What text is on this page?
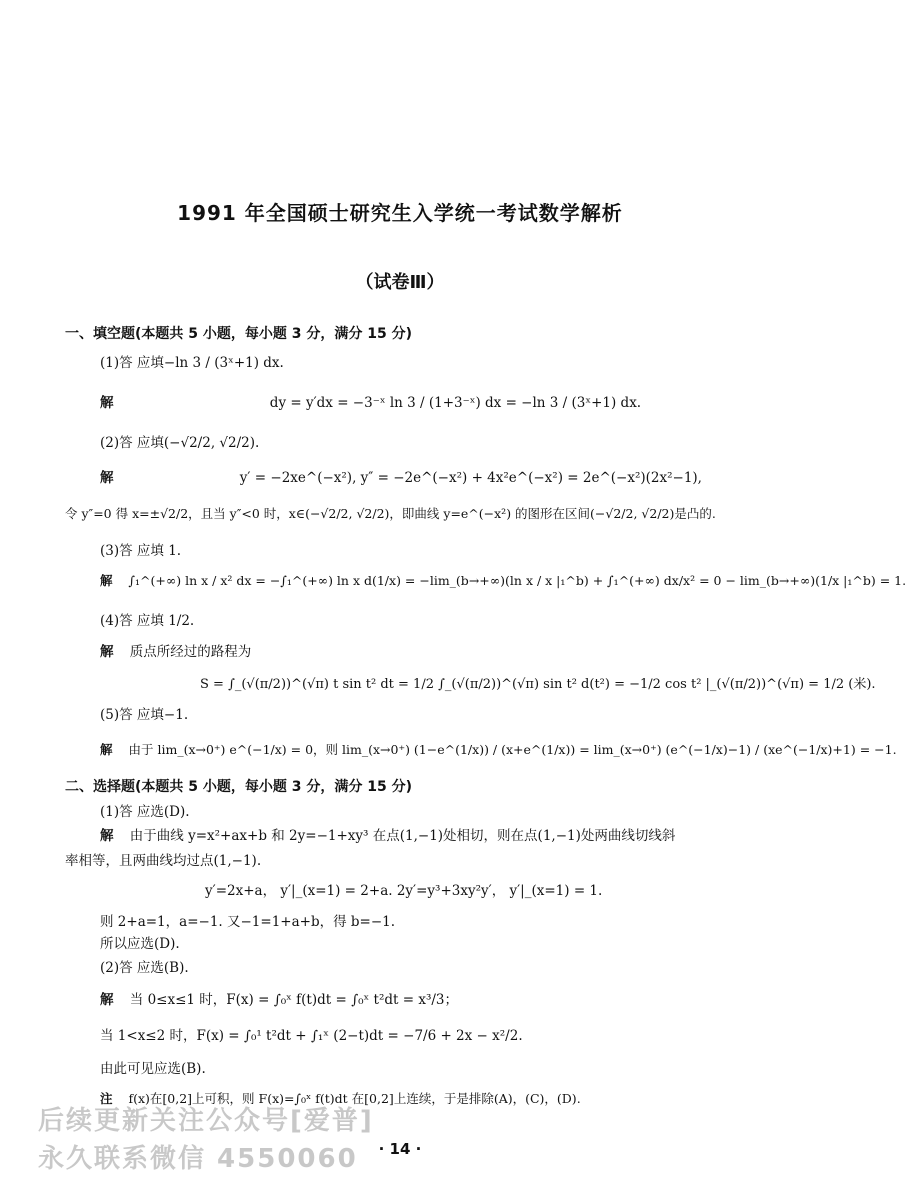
1991 年全国硕士研究生入学统一考试数学解析
（试卷Ⅲ）
一、填空题(本题共 5 小题，每小题 3 分，满分 15 分)
(1)答 应填−ln 3 / (3ˣ+1) dx.
解	dy = y′dx = −3⁻ˣ ln 3 / (1+3⁻ˣ) dx = −ln 3 / (3ˣ+1) dx.
(2)答 应填(−√2/2, √2/2).
解	y′ = −2xe^(−x²), y″ = −2e^(−x²) + 4x²e^(−x²) = 2e^(−x²)(2x²−1),
令 y″=0 得 x=±√2/2，且当 y″<0 时，x∈(−√2/2, √2/2)，即曲线 y=e^(−x²) 的图形在区间(−√2/2, √2/2)是凸的.
(3)答 应填 1.
解 ∫₁^(+∞) ln x / x² dx = −∫₁^(+∞) ln x d(1/x) = −lim_(b→+∞)(ln x / x |₁^b) + ∫₁^(+∞) dx/x² = 0 − lim_(b→+∞)(1/x |₁^b) = 1.
(4)答 应填 1/2.
解 质点所经过的路程为
S = ∫_(√(π/2))^(√π) t sin t² dt = 1/2 ∫_(√(π/2))^(√π) sin t² d(t²) = −1/2 cos t² |_(√(π/2))^(√π) = 1/2 (米).
(5)答 应填−1.
解 由于 lim_(x→0⁺) e^(−1/x) = 0，则 lim_(x→0⁺) (1−e^(1/x)) / (x+e^(1/x)) = lim_(x→0⁺) (e^(−1/x)−1) / (xe^(−1/x)+1) = −1.
二、选择题(本题共 5 小题，每小题 3 分，满分 15 分)
(1)答 应选(D).
解 由于曲线 y=x²+ax+b 和 2y=−1+xy³ 在点(1,−1)处相切，则在点(1,−1)处两曲线切线斜
率相等，且两曲线均过点(1,−1).
y′=2x+a， y′|_(x=1) = 2+a. 2y′=y³+3xy²y′， y′|_(x=1) = 1.
则 2+a=1，a=−1. 又−1=1+a+b，得 b=−1.
所以应选(D).
(2)答 应选(B).
解 当 0≤x≤1 时，F(x) = ∫₀ˣ f(t)dt = ∫₀ˣ t²dt = x³/3；
当 1<x≤2 时，F(x) = ∫₀¹ t²dt + ∫₁ˣ (2−t)dt = −7/6 + 2x − x²/2.
由此可见应选(B).
注 f(x)在[0,2]上可积，则 F(x)=∫₀ˣ f(t)dt 在[0,2]上连续，于是排除(A)，(C)，(D).
后续更新关注公众号[爱普]
永久联系微信 4550060	· 14 ·
